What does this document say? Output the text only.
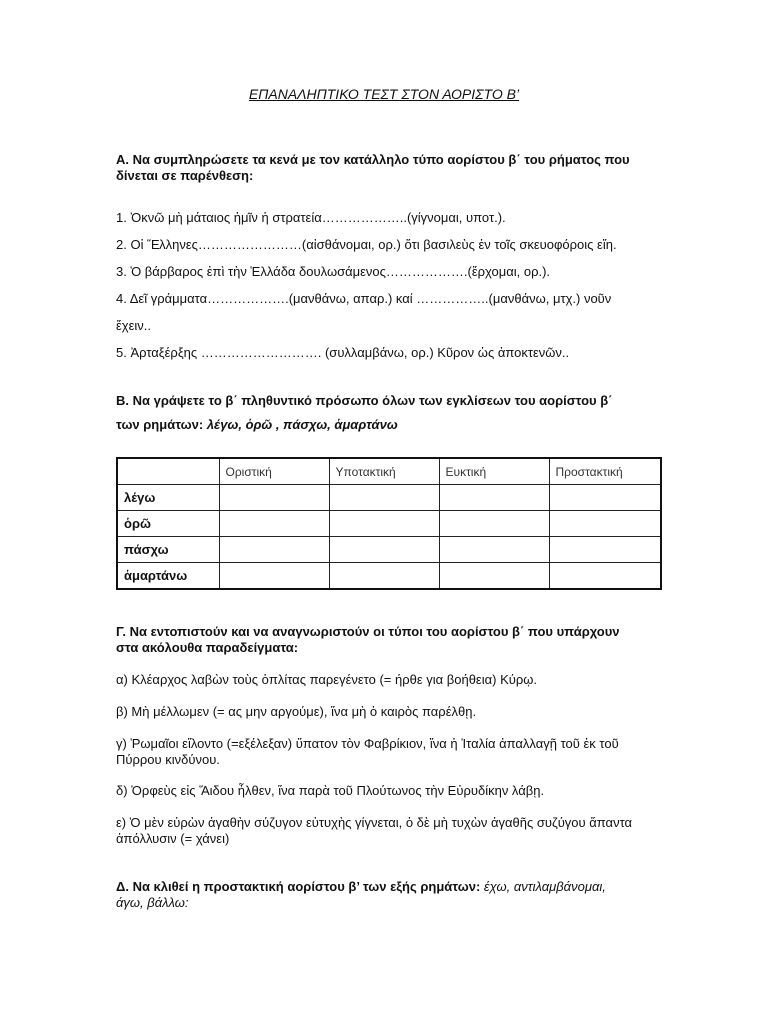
ΕΠΑΝΑΛΗΠΤΙΚΟ ΤΕΣΤ ΣΤΟΝ ΑΟΡΙΣΤΟ Β’
Α. Να συμπληρώσετε τα κενά με τον κατάλληλο τύπο αορίστου β΄ του ρήματος που
δίνεται σε παρένθεση:
1. Ὀκνῶ μὴ μάταιος ἡμῖν ἡ στρατεία………………..(γίγνομαι, υποτ.).
2. Οἱ Ἕλληνες……………………(αἰσθάνομαι, ορ.) ὅτι βασιλεὺς ἐν τοῖς σκευοφόροις εἴη.
3. Ὁ βάρβαρος ἐπὶ τὴν Ἑλλάδα δουλωσάμενος……………….(ἔρχομαι, ορ.).
4. Δεῖ γράμματα……………….(μανθάνω, απαρ.) καί ……………..(μανθάνω, μτχ.) νοῦν
ἔχειν..
5. Ἀρταξέρξης ………………………. (συλλαμβάνω, ορ.) Κῦρον ὡς ἀποκτενῶν..
Β. Να γράψετε το β΄ πληθυντικό πρόσωπο όλων των εγκλίσεων του αορίστου β΄
των ρημάτων: λέγω, ὁρῶ , πάσχω, ἁμαρτάνω
	Οριστική	Υποτακτική	Ευκτική	Προστακτική
λέγω				
ὁρῶ				
πάσχω				
ἁμαρτάνω				
Γ. Να εντοπιστούν και να αναγνωριστούν οι τύποι του αορίστου β΄ που υπάρχουν
στα ακόλουθα παραδείγματα:
α) Κλέαρχος λαβὼν τοὺς ὁπλίτας παρεγένετο (= ήρθε για βοήθεια) Κύρῳ.
β) Μὴ μέλλωμεν (= ας μην αργούμε), ἵνα μὴ ὁ καιρὸς παρέλθῃ.
γ) Ῥωμαῖοι εἵλοντο (=εξέλεξαν) ὕπατον τὸν Φαβρίκιον, ἵνα ἡ Ἰταλία ἀπαλλαγῇ τοῦ ἐκ τοῦ
Πύρρου κινδύνου.
δ) Ὀρφεὺς εἰς Ἅιδου ἦλθεν, ἵνα παρὰ τοῦ Πλούτωνος τὴν Εὐρυδίκην λάβῃ.
ε) Ὁ μὲν εὑρὼν ἀγαθὴν σύζυγον εὐτυχὴς γίγνεται, ὁ δὲ μὴ τυχὼν ἀγαθῆς συζύγου ἅπαντα
ἀπόλλυσιν (= χάνει)
Δ. Να κλιθεί η προστακτική αορίστου β’ των εξής ρημάτων: έχω, αντιλαμβάνομαι,
άγω, βάλλω:
